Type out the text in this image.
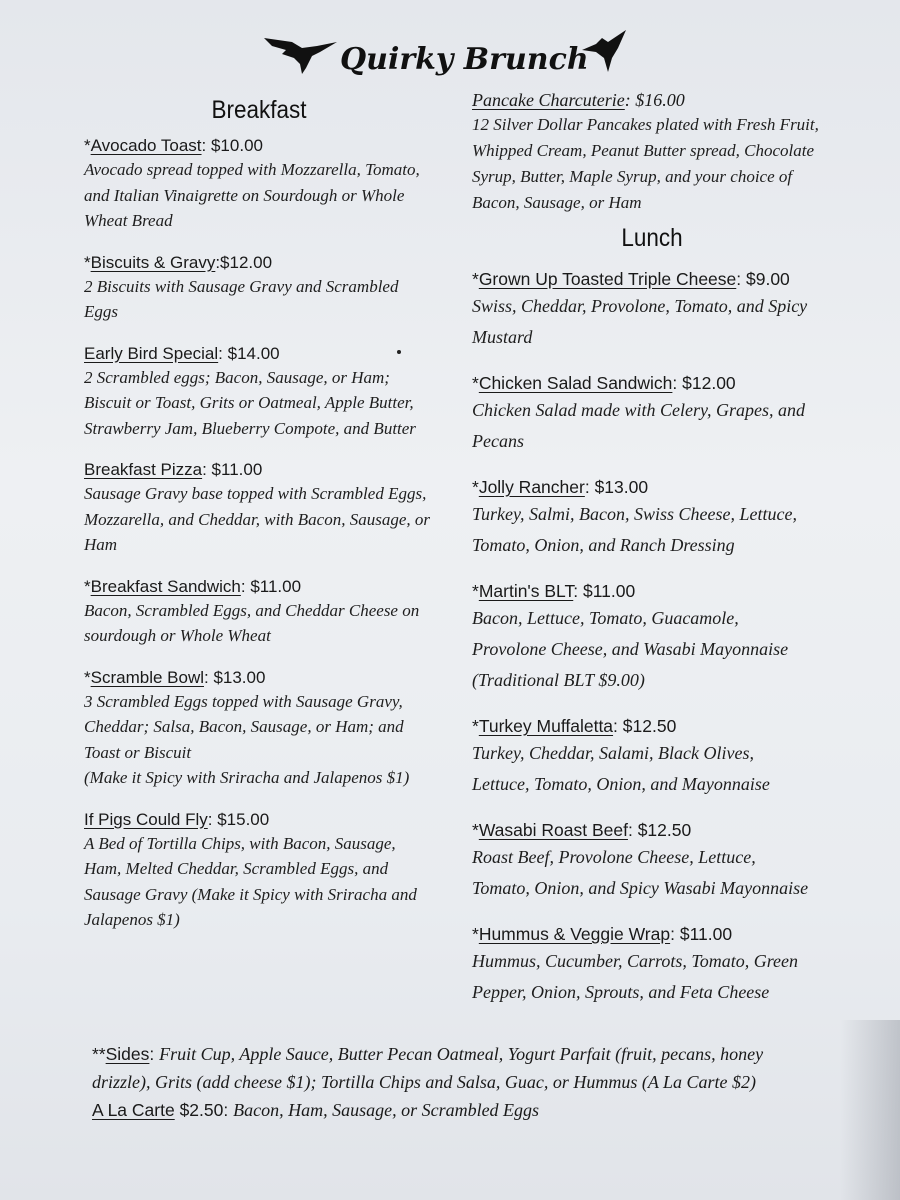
Quirky Brunch
Breakfast
*Avocado Toast: $10.00
Avocado spread topped with Mozzarella, Tomato,
and Italian Vinaigrette on Sourdough or Whole
Wheat Bread
*Biscuits & Gravy:$12.00
2 Biscuits with Sausage Gravy and Scrambled
Eggs
Early Bird Special: $14.00
2 Scrambled eggs; Bacon, Sausage, or Ham;
Biscuit or Toast, Grits or Oatmeal, Apple Butter,
Strawberry Jam, Blueberry Compote, and Butter
Breakfast Pizza: $11.00
Sausage Gravy base topped with Scrambled Eggs,
Mozzarella, and Cheddar, with Bacon, Sausage, or
Ham
*Breakfast Sandwich: $11.00
Bacon, Scrambled Eggs, and Cheddar Cheese on
sourdough or Whole Wheat
*Scramble Bowl: $13.00
3 Scrambled Eggs topped with Sausage Gravy,
Cheddar; Salsa, Bacon, Sausage, or Ham; and
Toast or Biscuit
(Make it Spicy with Sriracha and Jalapenos $1)
If Pigs Could Fly: $15.00
A Bed of Tortilla Chips, with Bacon, Sausage,
Ham, Melted Cheddar, Scrambled Eggs, and
Sausage Gravy (Make it Spicy with Sriracha and
Jalapenos $1)
Pancake Charcuterie: $16.00
12 Silver Dollar Pancakes plated with Fresh Fruit,
Whipped Cream, Peanut Butter spread, Chocolate
Syrup, Butter, Maple Syrup, and your choice of
Bacon, Sausage, or Ham
Lunch
*Grown Up Toasted Triple Cheese: $9.00
Swiss, Cheddar, Provolone, Tomato, and Spicy
Mustard
*Chicken Salad Sandwich: $12.00
Chicken Salad made with Celery, Grapes, and
Pecans
*Jolly Rancher: $13.00
Turkey, Salmi, Bacon, Swiss Cheese, Lettuce,
Tomato, Onion, and Ranch Dressing
*Martin's BLT: $11.00
Bacon, Lettuce, Tomato, Guacamole,
Provolone Cheese, and Wasabi Mayonnaise
(Traditional BLT $9.00)
*Turkey Muffaletta: $12.50
Turkey, Cheddar, Salami, Black Olives,
Lettuce, Tomato, Onion, and Mayonnaise
*Wasabi Roast Beef: $12.50
Roast Beef, Provolone Cheese, Lettuce,
Tomato, Onion, and Spicy Wasabi Mayonnaise
*Hummus & Veggie Wrap: $11.00
Hummus, Cucumber, Carrots, Tomato, Green
Pepper, Onion, Sprouts, and Feta Cheese
**Sides: Fruit Cup, Apple Sauce, Butter Pecan Oatmeal, Yogurt Parfait (fruit, pecans, honey
drizzle), Grits (add cheese $1); Tortilla Chips and Salsa, Guac, or Hummus (A La Carte $2)
A La Carte $2.50: Bacon, Ham, Sausage, or Scrambled Eggs
